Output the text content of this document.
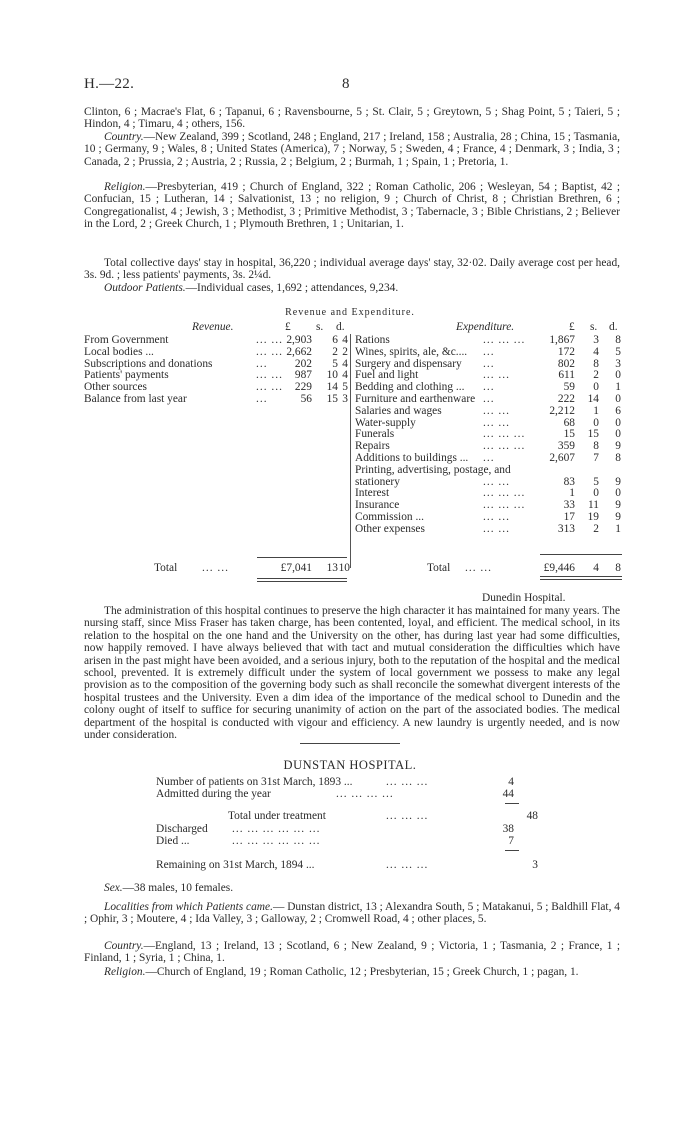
H.—22.	8

Clinton, 6 ; Macrae's Flat, 6 ; Tapanui, 6 ; Ravensbourne, 5 ; St. Clair, 5 ; Greytown, 5 ; Shag Point, 5 ; Taieri, 5 ; Hindon, 4 ; Timaru, 4 ; others, 156.

Country.—New Zealand, 399 ; Scotland, 248 ; England, 217 ; Ireland, 158 ; Australia, 28 ; China, 15 ; Tasmania, 10 ; Germany, 9 ; Wales, 8 ; United States (America), 7 ; Norway, 5 ; Sweden, 4 ; France, 4 ; Denmark, 3 ; India, 3 ; Canada, 2 ; Prussia, 2 ; Austria, 2 ; Russia, 2 ; Belgium, 2 ; Burmah, 1 ; Spain, 1 ; Pretoria, 1.

Religion.—Presbyterian, 419 ; Church of England, 322 ; Roman Catholic, 206 ; Wesleyan, 54 ; Baptist, 42 ; Confucian, 15 ; Lutheran, 14 ; Salvationist, 13 ; no religion, 9 ; Church of Christ, 8 ; Christian Brethren, 6 ; Congregationalist, 4 ; Jewish, 3 ; Methodist, 3 ; Primitive Methodist, 3 ; Tabernacle, 3 ; Bible Christians, 2 ; Believer in the Lord, 2 ; Greek Church, 1 ; Plymouth Brethren, 1 ; Unitarian, 1.

Total collective days' stay in hospital, 36,220 ; individual average days' stay, 32·02. Daily average cost per head, 3s. 9d. ; less patients' payments, 3s. 2¼d.

Outdoor Patients.—Individual cases, 1,692 ; attendances, 9,234.

Revenue and Expenditure.
Revenue.	£ s. d.	Expenditure.	£ s. d.
From Government	... ... 2,903	6 4
Local bodies ...	... ... 2,662	2 2
Subscriptions and donations	...	202	5 4
Patients' payments	... ...	987	10 4
Other sources	... ...	229	14 5
Balance from last year	...	56	15 3
Rations	... ... ...	1,867	3	8
Wines, spirits, ale, &c.... ...	172	4	5
Surgery and dispensary ...	802	8	3
Fuel and light	... ...	611	2	0
Bedding and clothing ... ...	59	0	1
Furniture and earthenware ...	222	14	0
Salaries and wages	... ...	2,212	1	6
Water-supply	... ...	68	0	0
Funerals	... ... ...	15	15	0
Repairs	... ... ...	359	8	9
Additions to buildings ... ...	2,607	7	8
Printing, advertising, postage, and
stationery	... ...	83	5	9
Interest	... ... ...	1	0	0
Insurance	... ... ...	33	11	9
Commission ...	... ...	17	19	9
Other expenses	... ...	313	2	1
Total ... ...	£7,041	13 10	Total ... ...	£9,446	4	8
Dunedin Hospital.

The administration of this hospital continues to preserve the high character it has maintained for many years. The nursing staff, since Miss Fraser has taken charge, has been contented, loyal, and efficient. The medical school, in its relation to the hospital on the one hand and the University on the other, has during last year had some difficulties, now happily removed. I have always believed that with tact and mutual consideration the difficulties which have arisen in the past might have been avoided, and a serious injury, both to the reputation of the hospital and the medical school, prevented. It is extremely difficult under the system of local government we possess to make any legal provision as to the composition of the governing body such as shall reconcile the somewhat divergent interests of the hospital trustees and the University. Even a dim idea of the importance of the medical school to Dunedin and the colony ought of itself to suffice for securing unanimity of action on the part of the associated bodies. The medical department of the hospital is conducted with vigour and efficiency. A new laundry is urgently needed, and is now under consideration.

DUNSTAN HOSPITAL.
Number of patients on 31st March, 1893 ...	... ... ...	4
Admitted during the year	... ... ... ...	44
Total under treatment	... ... ...	48
Discharged ... ... ... ... ... ...	38
Died ...	... ... ... ... ... ...	7
Remaining on 31st March, 1894 ...	... ... ...	3

Sex.—38 males, 10 females.

Localities from which Patients came.— Dunstan district, 13 ; Alexandra South, 5 ; Matakanui, 5 ; Baldhill Flat, 4 ; Ophir, 3 ; Moutere, 4 ; Ida Valley, 3 ; Galloway, 2 ; Cromwell Road, 4 ; other places, 5.

Country.—England, 13 ; Ireland, 13 ; Scotland, 6 ; New Zealand, 9 ; Victoria, 1 ; Tasmania, 2 ; France, 1 ; Finland, 1 ; Syria, 1 ; China, 1.

Religion.—Church of England, 19 ; Roman Catholic, 12 ; Presbyterian, 15 ; Greek Church, 1 ; pagan, 1.
